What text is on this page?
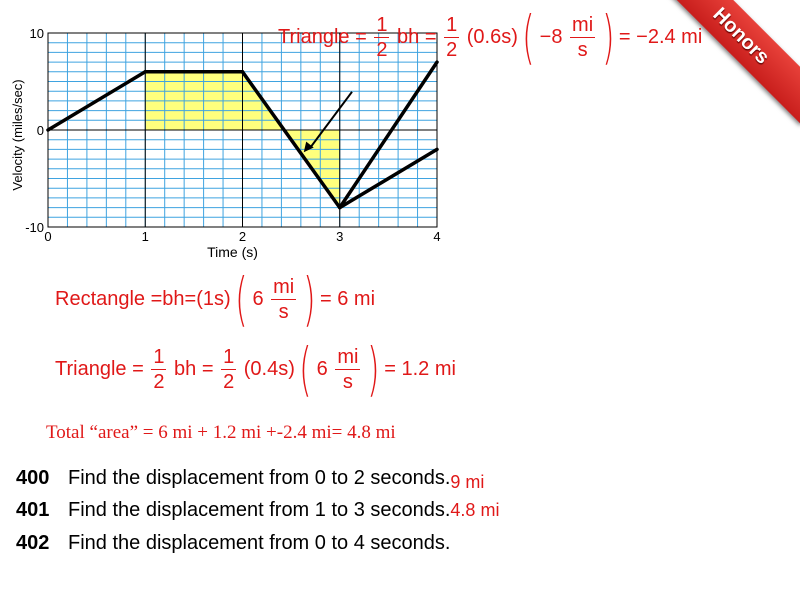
0	1	2	3	4
10
0
-10
Time (s)
Velocity (miles/sec)
Honors
Triangle = $\frac{1}{2}$ bh = $\frac{1}{2} (0.6s)$ ( $-8 \frac{mi}{s}$ ) = −2.4 mi
Rectangle =bh=(1s) ( $6 \frac{mi}{s}$ ) = 6 mi
Triangle = $\frac{1}{2}$ bh = $\frac{1}{2} (0.4s)$ ( $6 \frac{mi}{s}$ ) = 1.2 mi
Total “area” = 6 mi + 1.2 mi +-2.4 mi= 4.8 mi
400 Find the displacement from 0 to 2 seconds.9 mi
401 Find the displacement from 1 to 3 seconds.4.8 mi
402 Find the displacement from 0 to 4 seconds.
